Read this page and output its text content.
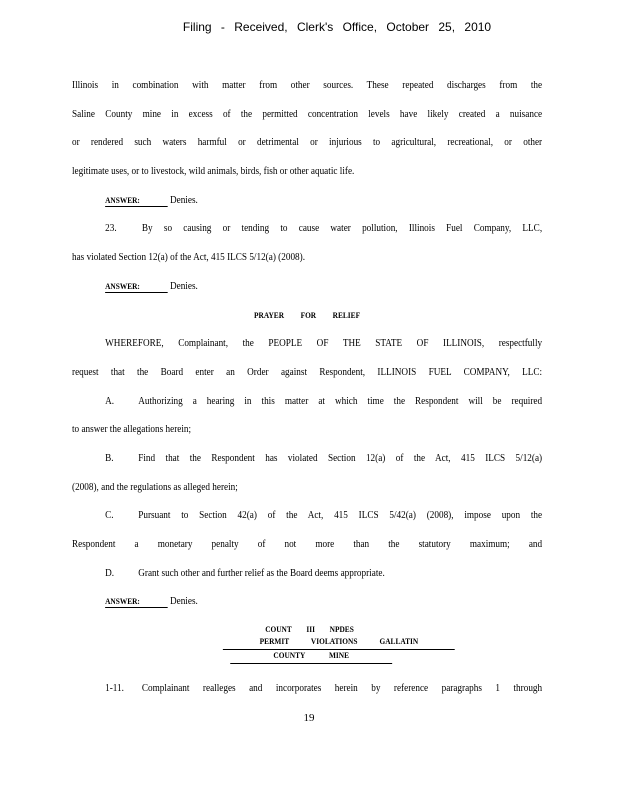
Filing - Received, Clerk's Office, October 25, 2010
Illinois in combination with matter from other sources. These repeated discharges from the
Saline County mine in excess of the permitted concentration levels have likely created a nuisance
or rendered such waters harmful or detrimental or injurious to agricultural, recreational, or other
legitimate uses, or to livestock, wild animals, birds, fish or other aquatic life.
ANSWER:	Denies.
23.	By so causing or tending to cause water pollution, Illinois Fuel Company, LLC,
has violated Section 12(a) of the Act, 415 ILCS 5/12(a) (2008).
ANSWER:	Denies.
PRAYER FOR RELIEF
WHEREFORE, Complainant, the PEOPLE OF THE STATE OF ILLINOIS, respectfully
request that the Board enter an Order against Respondent, ILLINOIS FUEL COMPANY, LLC:
A. Authorizing a hearing in this matter at which time the Respondent will be required
to answer the allegations herein;
B. Find that the Respondent has violated Section 12(a) of the Act, 415 ILCS 5/12(a)
(2008), and the regulations as alleged herein;
C. Pursuant to Section 42(a) of the Act, 415 ILCS 5/42(a) (2008), impose upon the
Respondent a monetary penalty of not more than the statutory maximum; and
D. Grant such other and further relief as the Board deems appropriate.
ANSWER:	Denies.
COUNT III NPDES
PERMIT VIOLATIONS GALLATIN
COUNTY MINE
1-11. Complainant realleges and incorporates herein by reference paragraphs 1 through
19
